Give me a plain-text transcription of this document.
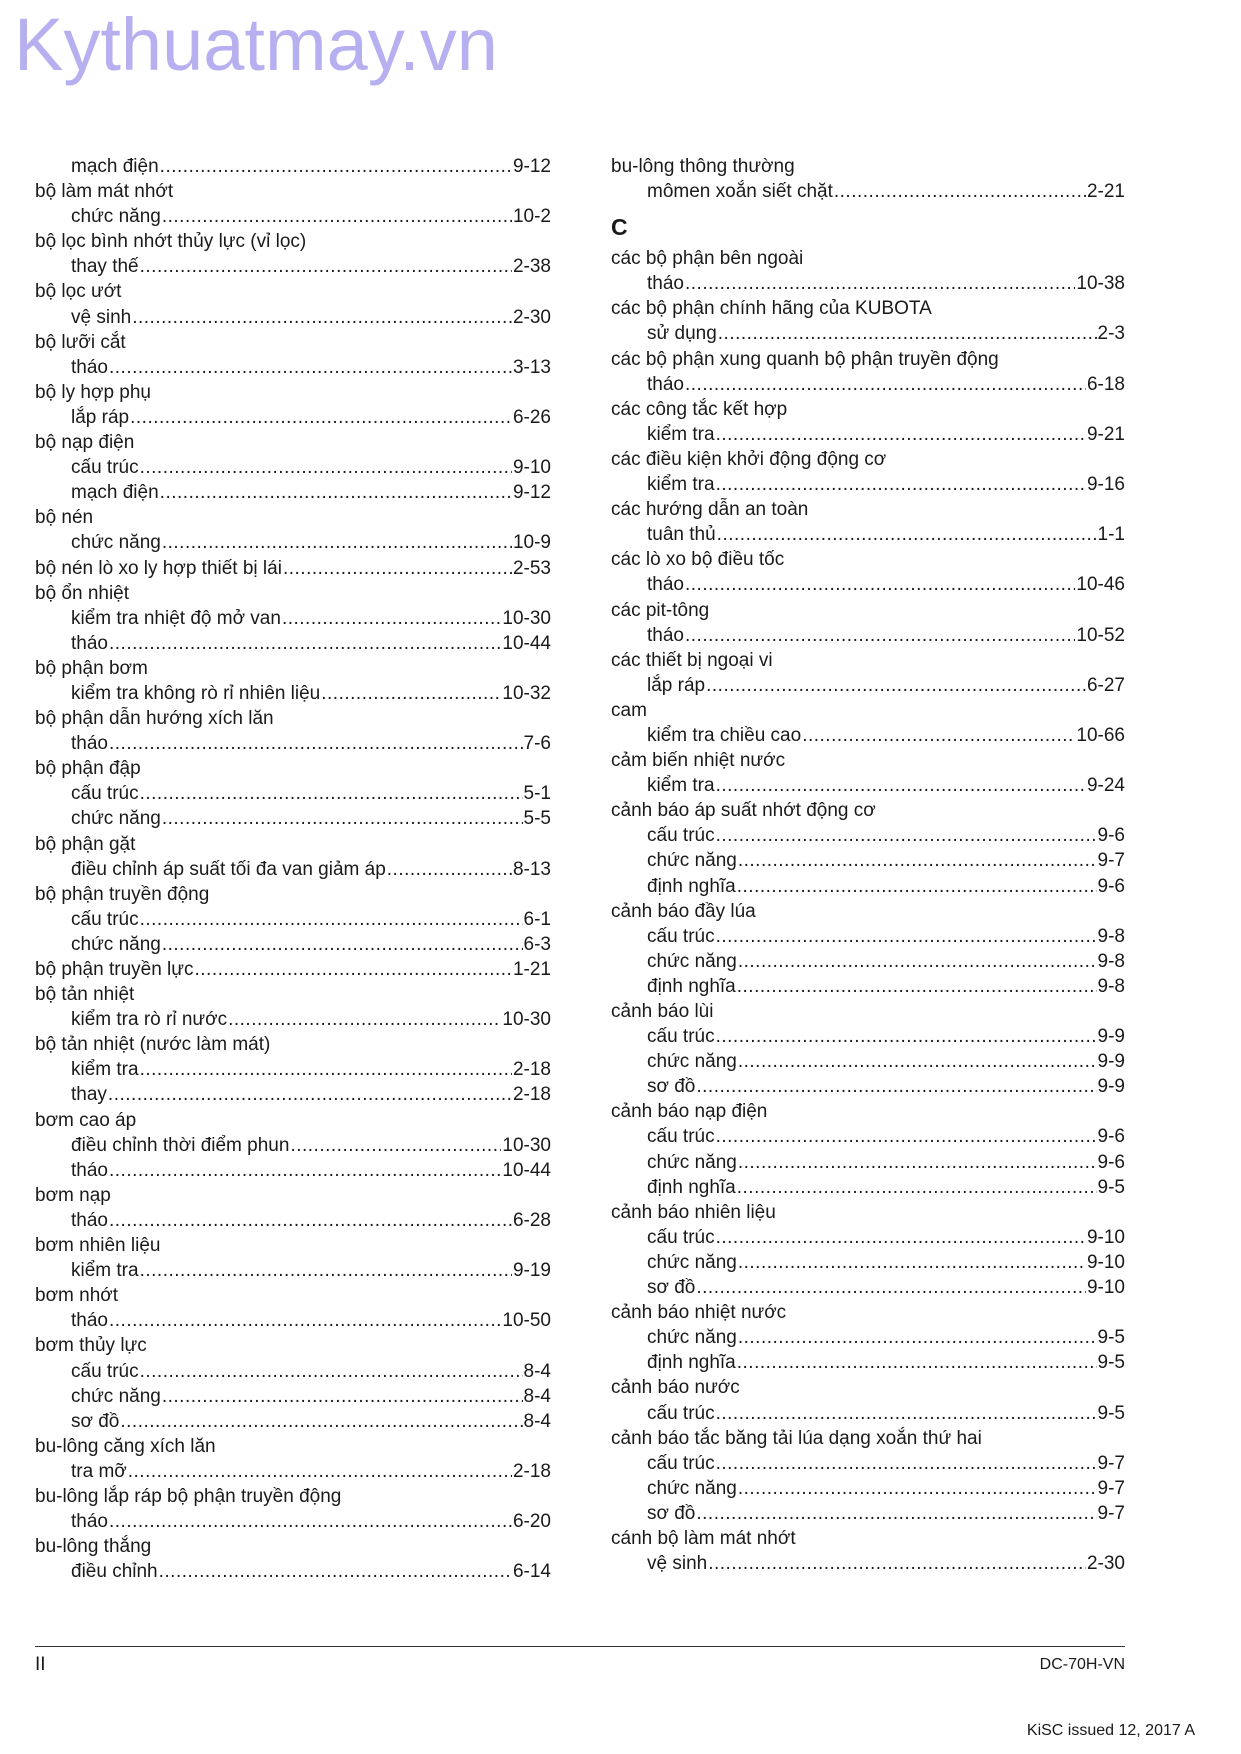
Kythuatmay.vn
mạch điện .....	9-12
bộ làm mát nhớt
chức năng .....	10-2
bộ lọc bình nhớt thủy lực (vỉ lọc)
thay thế .....	2-38
bộ lọc ướt
vệ sinh .....	2-30
bộ lưỡi cắt
tháo .....	3-13
bộ ly hợp phụ
lắp ráp .....	6-26
bộ nạp điện
cấu trúc .....	9-10
mạch điện .....	9-12
bộ nén
chức năng .....	10-9
bộ nén lò xo ly hợp thiết bị lái .....	2-53
bộ ổn nhiệt
kiểm tra nhiệt độ mở van .....	10-30
tháo .....	10-44
bộ phận bơm
kiểm tra không rò rỉ nhiên liệu .....	10-32
bộ phận dẫn hướng xích lăn
tháo .....	7-6
bộ phận đập
cấu trúc .....	5-1
chức năng .....	5-5
bộ phận gặt
điều chỉnh áp suất tối đa van giảm áp .....	8-13
bộ phận truyền động
cấu trúc .....	6-1
chức năng .....	6-3
bộ phận truyền lực .....	1-21
bộ tản nhiệt
kiểm tra rò rỉ nước .....	10-30
bộ tản nhiệt (nước làm mát)
kiểm tra .....	2-18
thay .....	2-18
bơm cao áp
điều chỉnh thời điểm phun .....	10-30
tháo .....	10-44
bơm nạp
tháo .....	6-28
bơm nhiên liệu
kiểm tra .....	9-19
bơm nhớt
tháo .....	10-50
bơm thủy lực
cấu trúc .....	8-4
chức năng .....	8-4
sơ đồ .....	8-4
bu-lông căng xích lăn
tra mỡ .....	2-18
bu-lông lắp ráp bộ phận truyền động
tháo .....	6-20
bu-lông thắng
điều chỉnh .....	6-14
bu-lông thông thường
mômen xoắn siết chặt .....	2-21
C
các bộ phận bên ngoài
tháo .....	10-38
các bộ phận chính hãng của KUBOTA
sử dụng .....	2-3
các bộ phận xung quanh bộ phận truyền động
tháo .....	6-18
các công tắc kết hợp
kiểm tra .....	9-21
các điều kiện khởi động động cơ
kiểm tra .....	9-16
các hướng dẫn an toàn
tuân thủ .....	1-1
các lò xo bộ điều tốc
tháo .....	10-46
các pit-tông
tháo .....	10-52
các thiết bị ngoại vi
lắp ráp .....	6-27
cam
kiểm tra chiều cao .....	10-66
cảm biến nhiệt nước
kiểm tra .....	9-24
cảnh báo áp suất nhớt động cơ
cấu trúc .....	9-6
chức năng .....	9-7
định nghĩa .....	9-6
cảnh báo đầy lúa
cấu trúc .....	9-8
chức năng .....	9-8
định nghĩa .....	9-8
cảnh báo lùi
cấu trúc .....	9-9
chức năng .....	9-9
sơ đồ .....	9-9
cảnh báo nạp điện
cấu trúc .....	9-6
chức năng .....	9-6
định nghĩa .....	9-5
cảnh báo nhiên liệu
cấu trúc .....	9-10
chức năng .....	9-10
sơ đồ .....	9-10
cảnh báo nhiệt nước
chức năng .....	9-5
định nghĩa .....	9-5
cảnh báo nước
cấu trúc .....	9-5
cảnh báo tắc băng tải lúa dạng xoắn thứ hai
cấu trúc .....	9-7
chức năng .....	9-7
sơ đồ .....	9-7
cánh bộ làm mát nhớt
vệ sinh .....	2-30
II	DC-70H-VN
KiSC issued 12, 2017 A
